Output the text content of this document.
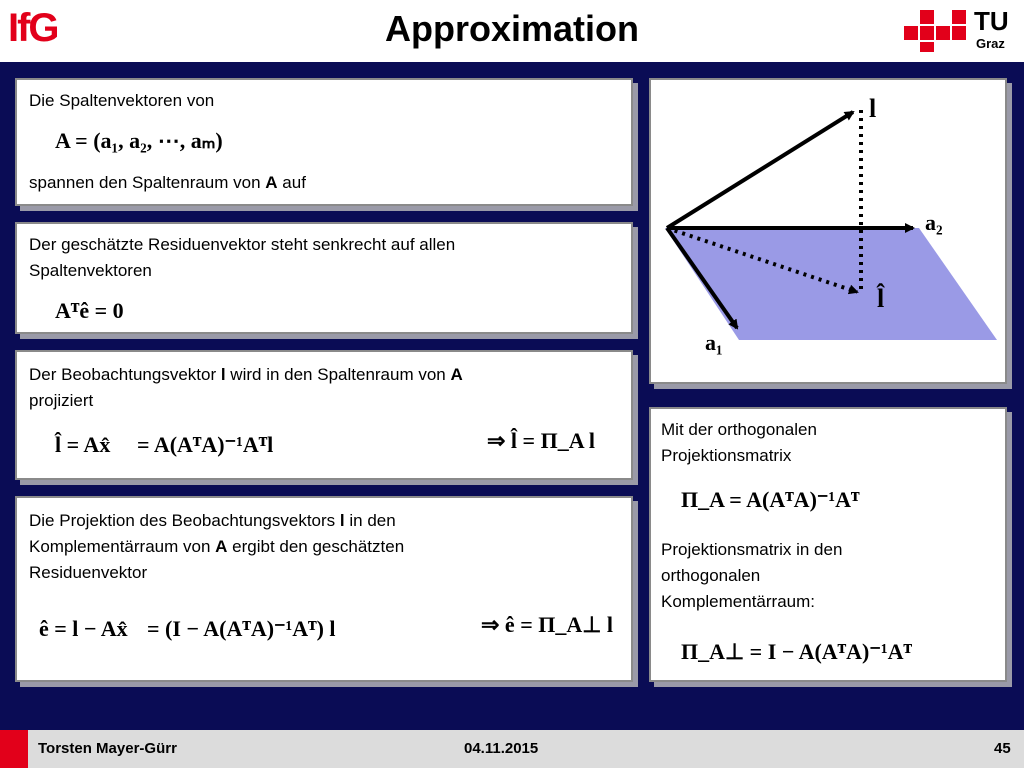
IfG	Approximation	TU
Graz
Die Spaltenvektoren von
A = (a₁, a₂, ⋯, aₘ)
spannen den Spaltenraum von A auf
Der geschätzte Residuenvektor steht senkrecht auf allen
Spaltenvektoren
Aᵀê = 0
Der Beobachtungsvektor l wird in den Spaltenraum von A
projiziert
l̂ = Ax̂ = A(AᵀA)⁻¹Aᵀl	⇒ l̂ = Π_A l
Die Projektion des Beobachtungsvektors l in den
Komplementärraum von A ergibt den geschätzten
Residuenvektor
ê = l − Ax̂ = (I − A(AᵀA)⁻¹Aᵀ) l	⇒ ê = Π_A⊥ l
l
a₂
l̂
a₁
Mit der orthogonalen
Projektionsmatrix
Π_A = A(AᵀA)⁻¹Aᵀ
Projektionsmatrix in den
orthogonalen
Komplementärraum:
Π_A⊥ = I − A(AᵀA)⁻¹Aᵀ
Torsten Mayer-Gürr	04.11.2015	45
